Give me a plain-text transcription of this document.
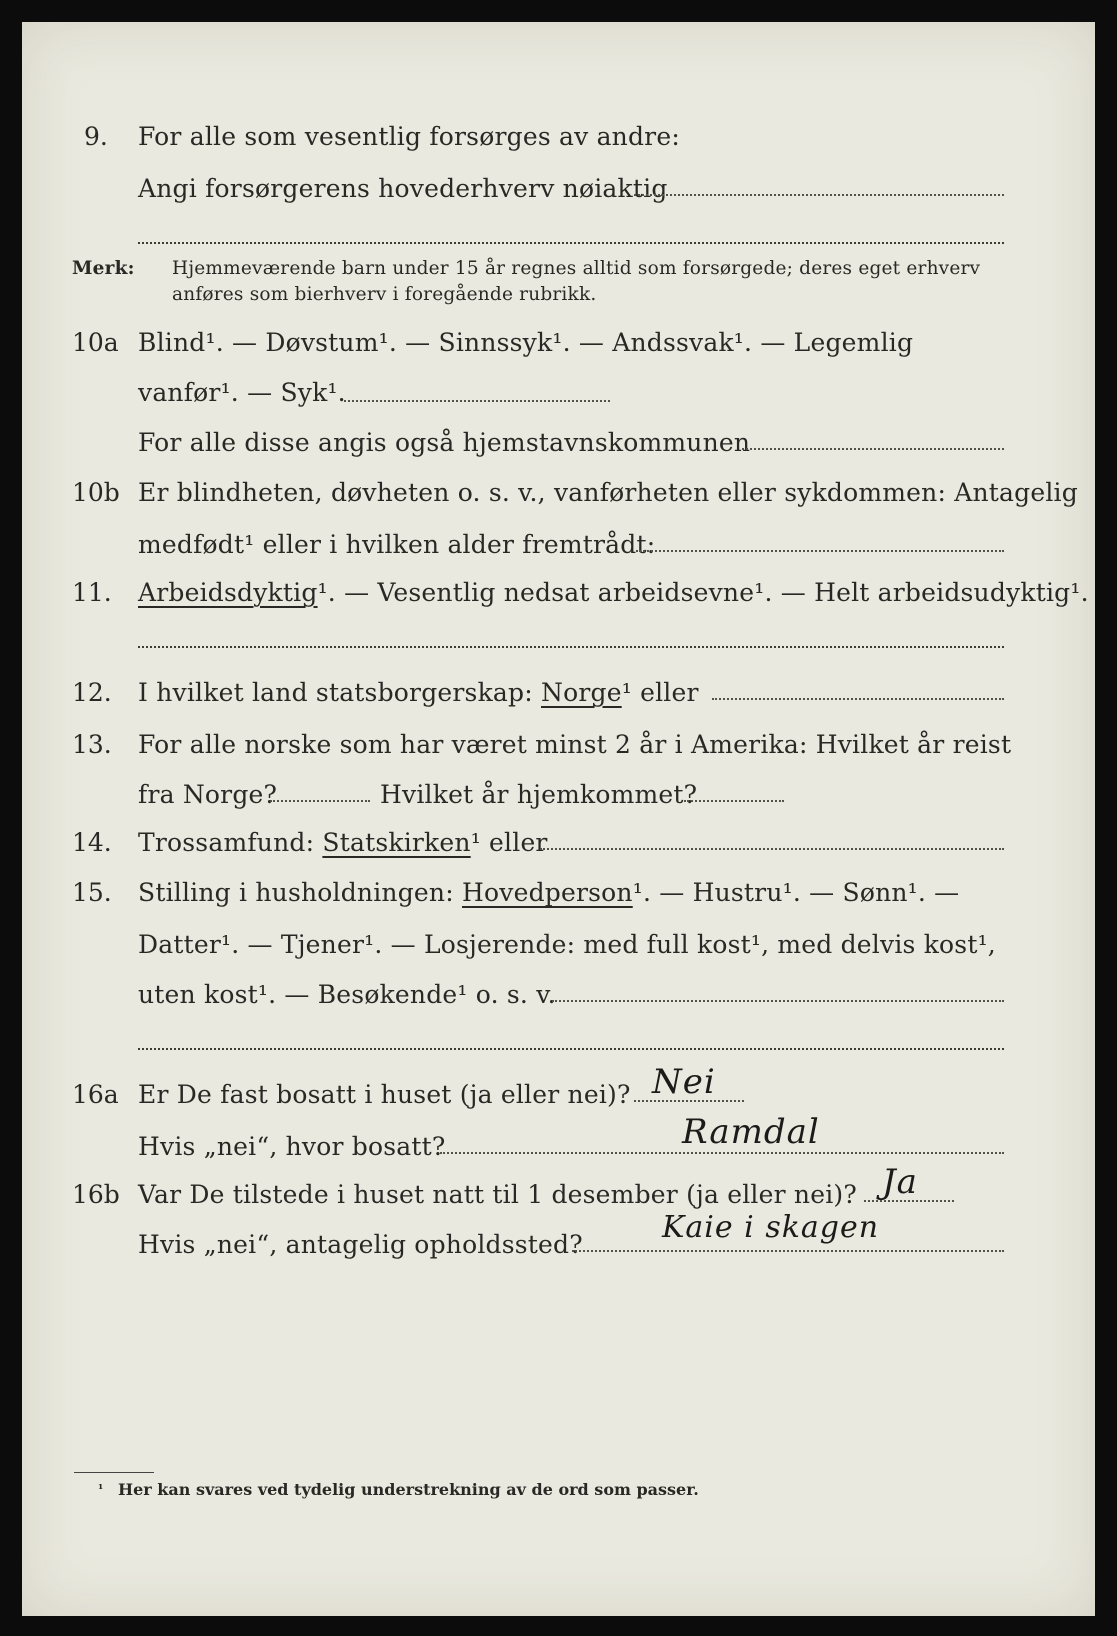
9. For alle som vesentlig forsørges av andre:
Angi forsørgerens hovederhverv nøiaktig
Merk: Hjemmeværende barn under 15 år regnes alltid som forsørgede; deres eget erhverv
anføres som bierhverv i foregående rubrikk.
10a Blind¹. — Døvstum¹. — Sinnssyk¹. — Andssvak¹. — Legemlig
vanfør¹. — Syk¹.
For alle disse angis også hjemstavnskommunen
10b Er blindheten, døvheten o. s. v., vanførheten eller sykdommen: Antagelig
medfødt¹ eller i hvilken alder fremtrådt:
11. Arbeidsdyktig¹. — Vesentlig nedsat arbeidsevne¹. — Helt arbeidsudyktig¹.
12. I hvilket land statsborgerskap: Norge¹ eller
13. For alle norske som har været minst 2 år i Amerika: Hvilket år reist
fra Norge?	Hvilket år hjemkommet?
14. Trossamfund: Statskirken¹ eller
15. Stilling i husholdningen: Hovedperson¹. — Hustru¹. — Sønn¹. —
Datter¹. — Tjener¹. — Losjerende: med full kost¹, med delvis kost¹,
uten kost¹. — Besøkende¹ o. s. v.
16a Er De fast bosatt i huset (ja eller nei)? Nei
Hvis „nei“, hvor bosatt?	Ramdal
16b Var De tilstede i huset natt til 1 desember (ja eller nei)? Ja
Hvis „nei“, antagelig opholdssted?	Kaie i skagen
¹ Her kan svares ved tydelig understrekning av de ord som passer.
